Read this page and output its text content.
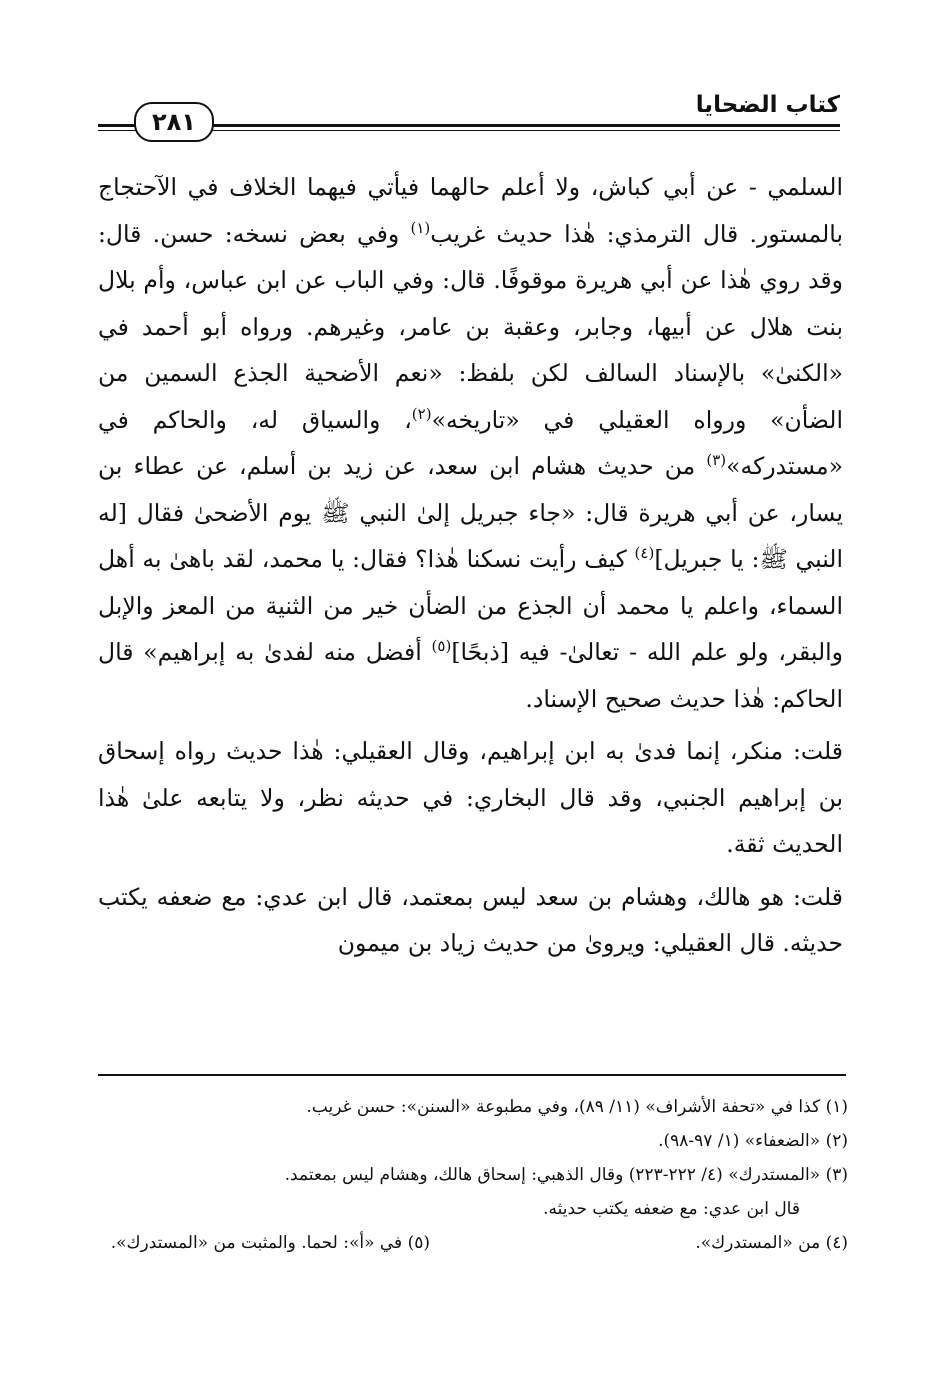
كتاب الضحايا
٢٨١

السلمي - عن أبي كباش، ولا أعلم حالهما فيأتي فيهما الخلاف في الآحتجاج بالمستور. قال الترمذي: هٰذا حديث غريب$^{(١)}$ وفي بعض نسخه: حسن. قال: وقد روي هٰذا عن أبي هريرة موقوفًا. قال: وفي الباب عن ابن عباس، وأم بلال بنت هلال عن أبيها، وجابر، وعقبة بن عامر، وغيرهم. ورواه أبو أحمد في «الكنىٰ» بالإسناد السالف لكن بلفظ: «نعم الأضحية الجذع السمين من الضأن» ورواه العقيلي في «تاريخه»$^{(٢)}$، والسياق له، والحاكم في «مستدركه»$^{(٣)}$ من حديث هشام ابن سعد، عن زيد بن أسلم، عن عطاء بن يسار، عن أبي هريرة قال: «جاء جبريل إلىٰ النبي ﷺ يوم الأضحىٰ فقال [له النبي ﷺ: يا جبريل]$^{(٤)}$ كيف رأيت نسكنا هٰذا؟ فقال: يا محمد، لقد باهىٰ به أهل السماء، واعلم يا محمد أن الجذع من الضأن خير من الثنية من المعز والإبل والبقر، ولو علم الله - تعالىٰ- فيه [ذبحًا]$^{(٥)}$ أفضل منه لفدىٰ به إبراهيم» قال الحاكم: هٰذا حديث صحيح الإسناد.

قلت: منكر، إنما فدىٰ به ابن إبراهيم، وقال العقيلي: هٰذا حديث رواه إسحاق بن إبراهيم الجنبي، وقد قال البخاري: في حديثه نظر، ولا يتابعه علىٰ هٰذا الحديث ثقة.

قلت: هو هالك، وهشام بن سعد ليس بمعتمد، قال ابن عدي: مع ضعفه يكتب حديثه. قال العقيلي: ويروىٰ من حديث زياد بن ميمون

(١) كذا في «تحفة الأشراف» (١١/ ٨٩)، وفي مطبوعة «السنن»: حسن غريب.

(٢) «الضعفاء» (١/ ٩٧-٩٨).

(٣) «المستدرك» (٤/ ٢٢٢-٢٢٣) وقال الذهبي: إسحاق هالك، وهشام ليس بمعتمد.

قال ابن عدي: مع ضعفه يكتب حديثه.

(٤) من «المستدرك».
(٥) في «أ»: لحما. والمثبت من «المستدرك».
